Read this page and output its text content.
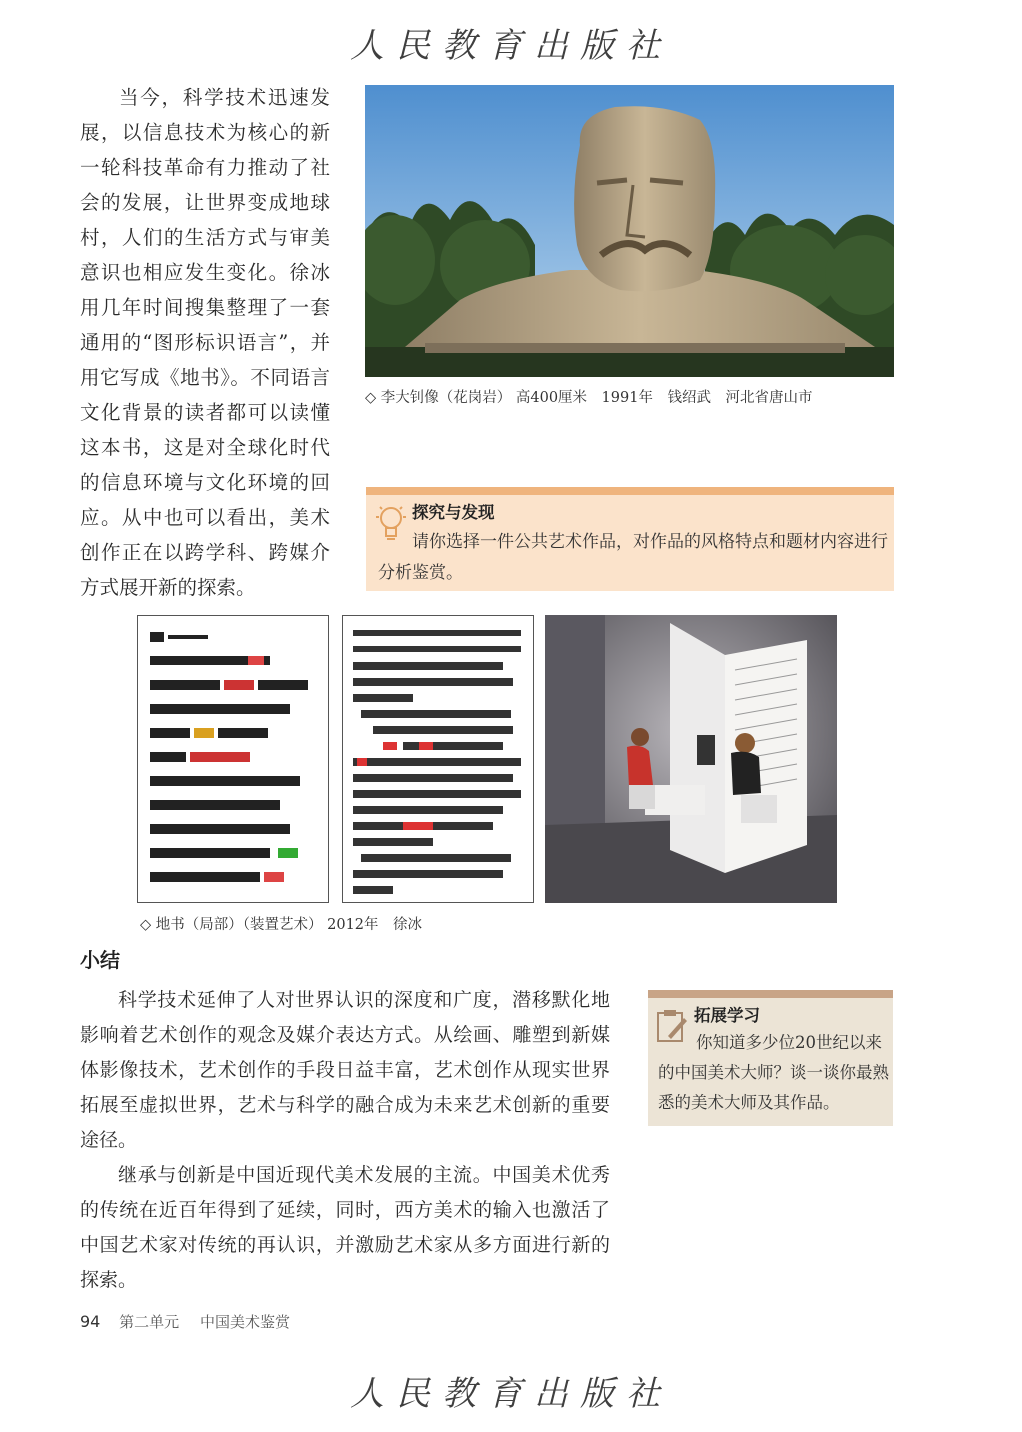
人民教育出版社

当今，科学技术迅速发展，以信息技术为核心的新一轮科技革命有力推动了社会的发展，让世界变成地球村，人们的生活方式与审美意识也相应发生变化。徐冰用几年时间搜集整理了一套通用的“图形标识语言”，并用它写成《地书》。不同语言文化背景的读者都可以读懂这本书，这是对全球化时代的信息环境与文化环境的回应。从中也可以看出，美术创作正在以跨学科、跨媒介方式展开新的探索。

◇ 李大钊像（花岗岩） 高400厘米　1991年　钱绍武　河北省唐山市
探究与发现
请你选择一件公共艺术作品，对作品的风格特点和题材内容进行分析鉴赏。
◇ 地书（局部）（装置艺术） 2012年　徐冰
小结

科学技术延伸了人对世界认识的深度和广度，潜移默化地影响着艺术创作的观念及媒介表达方式。从绘画、雕塑到新媒体影像技术，艺术创作的手段日益丰富，艺术创作从现实世界拓展至虚拟世界，艺术与科学的融合成为未来艺术创新的重要途径。

继承与创新是中国近现代美术发展的主流。中国美术优秀的传统在近百年得到了延续，同时，西方美术的输入也激活了中国艺术家对传统的再认识，并激励艺术家从多方面进行新的探索。

拓展学习
你知道多少位20世纪以来的中国美术大师？谈一谈你最熟悉的美术大师及其作品。
94 第二单元 中国美术鉴赏
人民教育出版社
